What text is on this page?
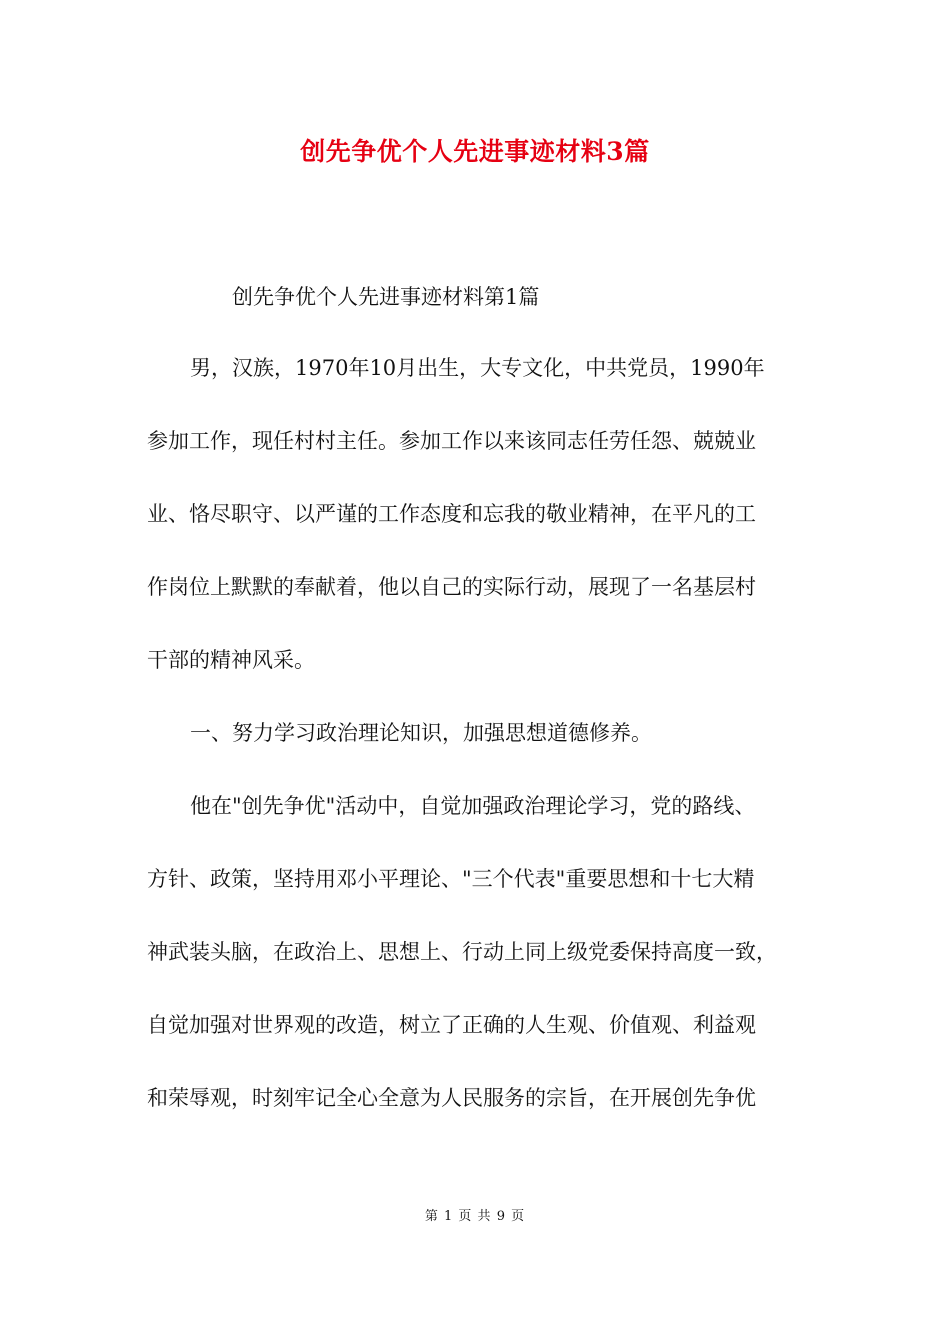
创先争优个人先进事迹材料3篇

创先争优个人先进事迹材料第1篇

男，汉族，1970年10月出生，大专文化，中共党员，1990年

参加工作，现任村村主任。参加工作以来该同志任劳任怨、兢兢业

业、恪尽职守、以严谨的工作态度和忘我的敬业精神，在平凡的工

作岗位上默默的奉献着，他以自己的实际行动，展现了一名基层村

干部的精神风采。

一、努力学习政治理论知识，加强思想道德修养。

他在"创先争优"活动中，自觉加强政治理论学习，党的路线、

方针、政策，坚持用邓小平理论、"三个代表"重要思想和十七大精

神武装头脑，在政治上、思想上、行动上同上级党委保持高度一致，

自觉加强对世界观的改造，树立了正确的人生观、价值观、利益观

和荣辱观，时刻牢记全心全意为人民服务的宗旨，在开展创先争优

第 1 页 共 9 页
